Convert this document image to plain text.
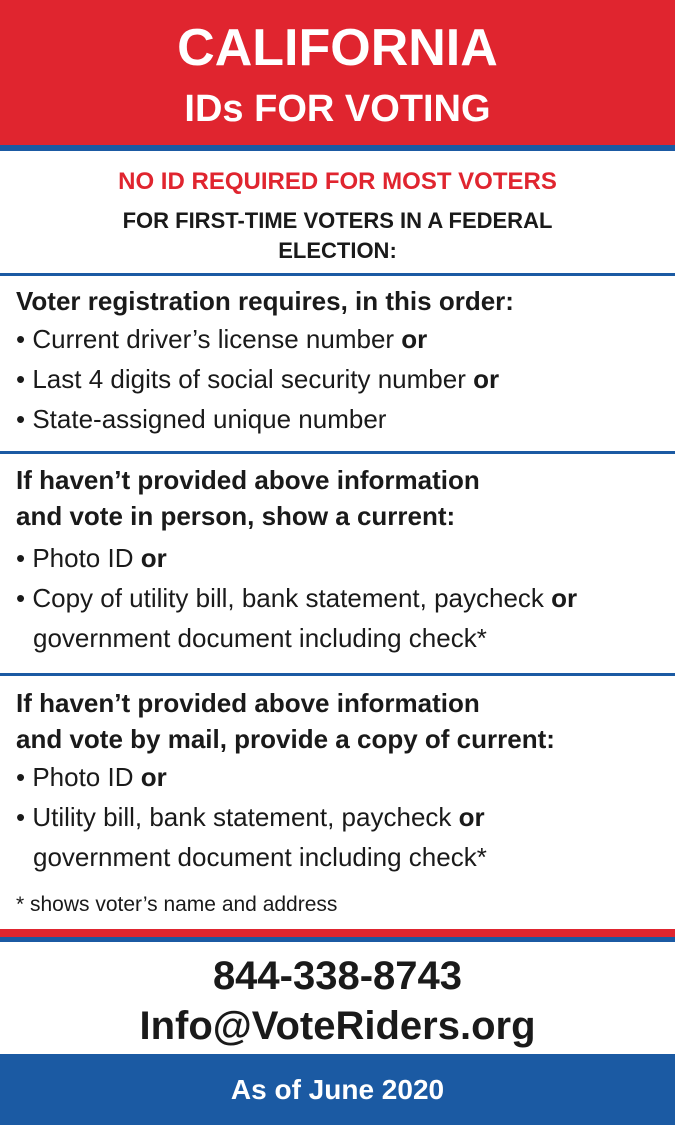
CALIFORNIA
IDs FOR VOTING
NO ID REQUIRED FOR MOST VOTERS
FOR FIRST-TIME VOTERS IN A FEDERAL
ELECTION:
Voter registration requires, in this order:
• Current driver’s license number or
• Last 4 digits of social security number or
• State-assigned unique number
If haven’t provided above information
and vote in person, show a current:
• Photo ID or
• Copy of utility bill, bank statement, paycheck or
government document including check*
If haven’t provided above information
and vote by mail, provide a copy of current:
• Photo ID or
• Utility bill, bank statement, paycheck or
government document including check*
* shows voter’s name and address
844-338-8743
Info@VoteRiders.org
As of June 2020
